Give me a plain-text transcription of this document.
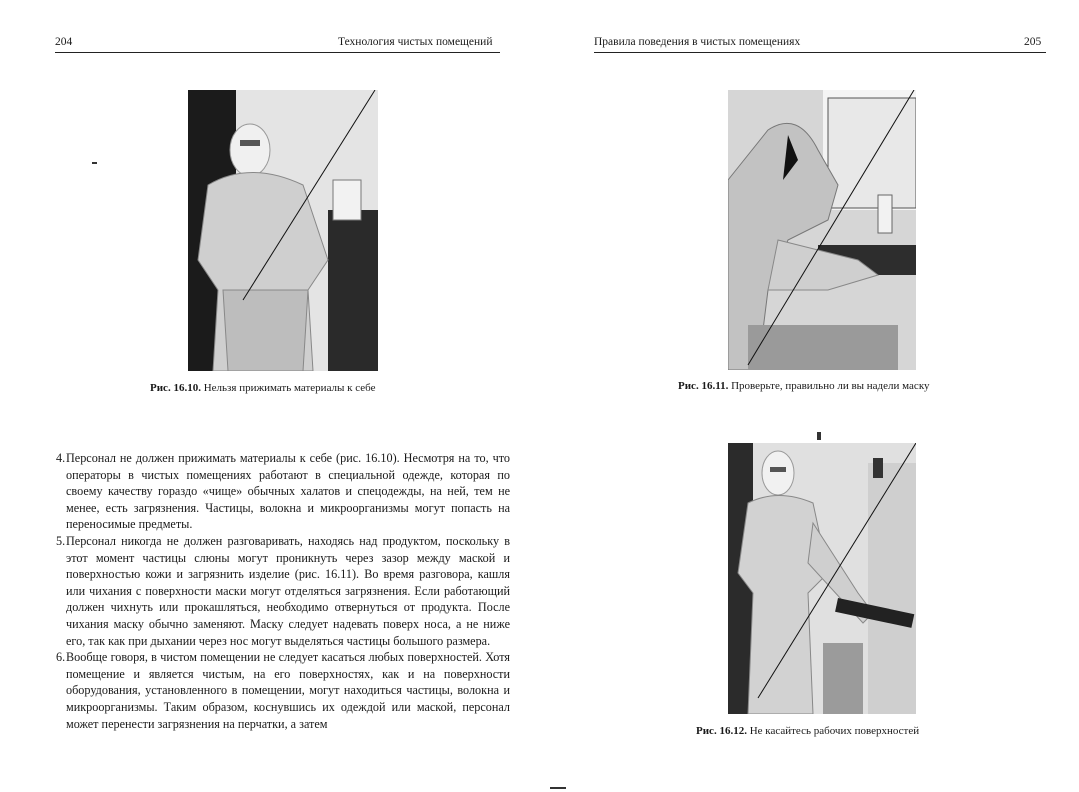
204	Технология чистых помещений
Рис. 16.10. Нельзя прижимать материалы к себе
4. Персонал не должен прижимать материалы к себе (рис. 16.10). Несмотря на то, что операторы в чистых помещениях работают в специальной одежде, которая по своему качеству гораздо «чище» обычных халатов и спецодежды, на ней, тем не менее, есть загрязнения. Частицы, волокна и микроорганизмы могут попасть на переносимые предметы.
5. Персонал никогда не должен разговаривать, находясь над продуктом, поскольку в этот момент частицы слюны могут проникнуть через зазор между маской и поверхностью кожи и загрязнить изделие (рис. 16.11). Во время разговора, кашля или чихания с поверхности маски могут отделяться загрязнения. Если работающий должен чихнуть или прокашляться, необходимо отвернуться от продукта. После чихания маску обычно заменяют. Маску следует надевать поверх носа, а не ниже его, так как при дыхании через нос могут выделяться частицы большого размера.
6. Вообще говоря, в чистом помещении не следует касаться любых поверхностей. Хотя помещение и является чистым, на его поверхностях, как и на поверхности оборудования, установленного в помещении, могут находиться частицы, волокна и микроорганизмы. Таким образом, коснувшись их одеждой или маской, персонал может перенести загрязнения на перчатки, а затем
Правила поведения в чистых помещениях	205
Рис. 16.11. Проверьте, правильно ли вы надели маску
Рис. 16.12. Не касайтесь рабочих поверхностей
